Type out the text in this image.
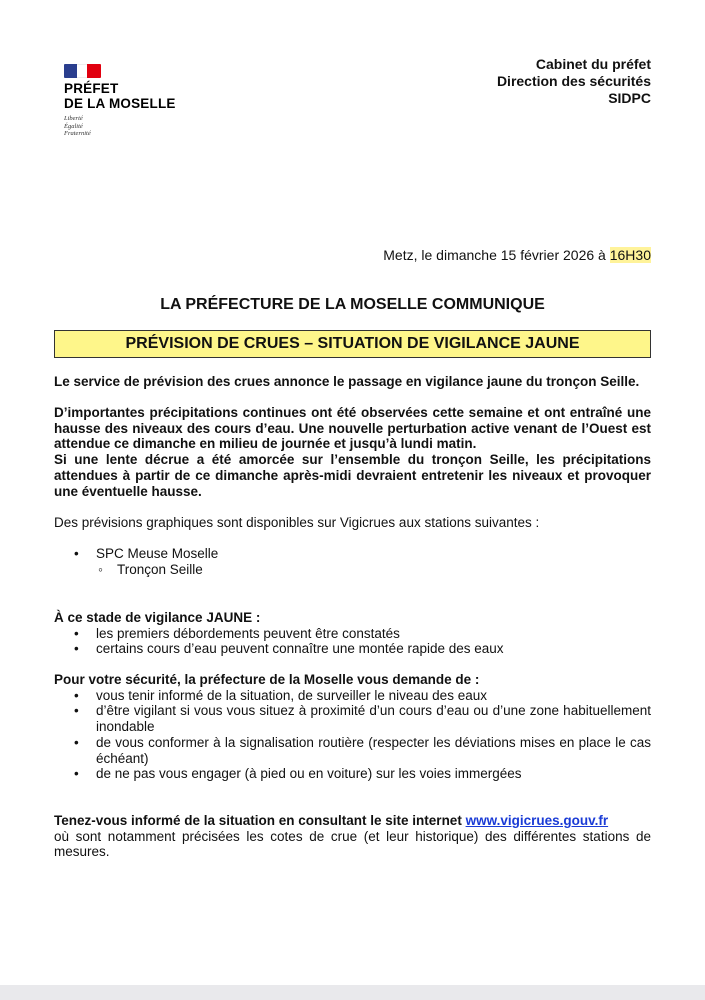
PRÉFET
DE LA MOSELLE
Liberté
Égalité
Fraternité
Cabinet du préfet
Direction des sécurités
SIDPC
Metz, le dimanche 15 février 2026 à 16H30
LA PRÉFECTURE DE LA MOSELLE COMMUNIQUE
PRÉVISION DE CRUES – SITUATION DE VIGILANCE JAUNE
Le service de prévision des crues annonce le passage en vigilance jaune du tronçon Seille.
D’importantes précipitations continues ont été observées cette semaine et ont entraîné une hausse des niveaux des cours d’eau. Une nouvelle perturbation active venant de l’Ouest est attendue ce dimanche en milieu de journée et jusqu’à lundi matin.
Si une lente décrue a été amorcée sur l’ensemble du tronçon Seille, les précipitations attendues à partir de ce dimanche après-midi devraient entretenir les niveaux et provoquer une éventuelle hausse.
Des prévisions graphiques sont disponibles sur Vigicrues aux stations suivantes :
• SPC Meuse Moselle
◦ Tronçon Seille
À ce stade de vigilance JAUNE :
• les premiers débordements peuvent être constatés
• certains cours d’eau peuvent connaître une montée rapide des eaux
Pour votre sécurité, la préfecture de la Moselle vous demande de :
• vous tenir informé de la situation, de surveiller le niveau des eaux
• d’être vigilant si vous vous situez à proximité d’un cours d’eau ou d’une zone habituellement inondable
• de vous conformer à la signalisation routière (respecter les déviations mises en place le cas échéant)
• de ne pas vous engager (à pied ou en voiture) sur les voies immergées
Tenez-vous informé de la situation en consultant le site internet www.vigicrues.gouv.fr
où sont notamment précisées les cotes de crue (et leur historique) des différentes stations de mesures.
